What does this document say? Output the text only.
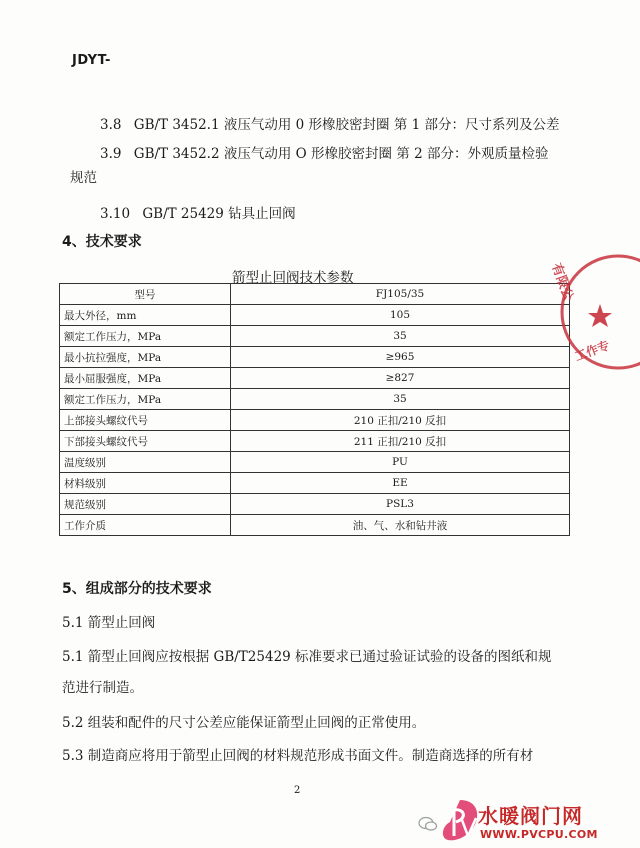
JDYT-
3.8 GB/T 3452.1 液压气动用 0 形橡胶密封圈 第 1 部分：尺寸系列及公差
3.9 GB/T 3452.2 液压气动用 O 形橡胶密封圈 第 2 部分：外观质量检验
规范
3.10 GB/T 25429 钻具止回阀
4、技术要求
箭型止回阀技术参数
型号	FJ105/35
最大外径，mm	105
额定工作压力，MPa	35
最小抗拉强度，MPa	≥965
最小屈服强度，MPa	≥827
额定工作压力，MPa	35
上部接头螺纹代号	210 正扣/210 反扣
下部接头螺纹代号	211 正扣/210 反扣
温度级别	PU
材料级别	EE
规范级别	PSL3
工作介质	油、气、水和钻井液
5、组成部分的技术要求
5.1 箭型止回阀
5.1 箭型止回阀应按根据 GB/T25429 标准要求已通过验证试验的设备的图纸和规
范进行制造。
5.2 组装和配件的尺寸公差应能保证箭型止回阀的正常使用。
5.3 制造商应将用于箭型止回阀的材料规范形成书面文件。制造商选择的所有材
2
有限公
工作专
水暖阀门网
WWW.PVCPU.COM
